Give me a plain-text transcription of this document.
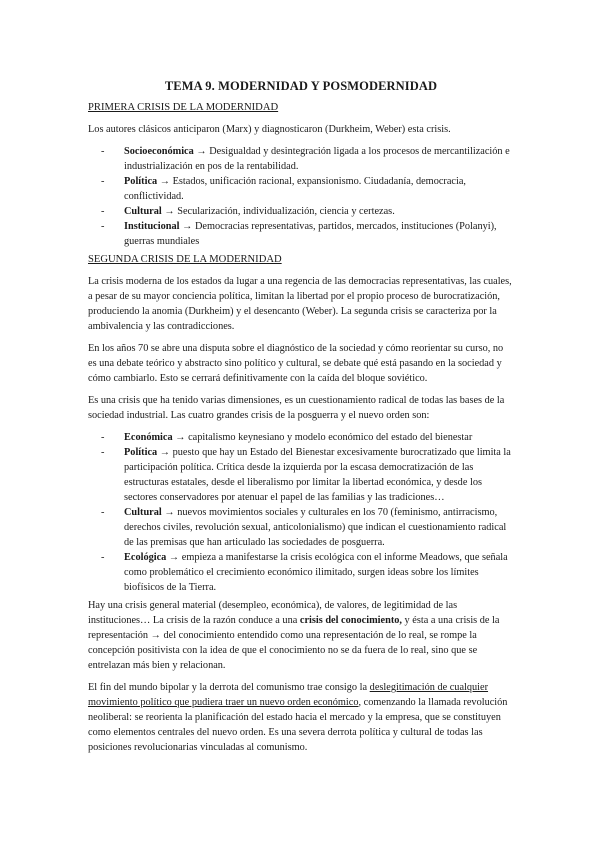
TEMA 9. MODERNIDAD Y POSMODERNIDAD
PRIMERA CRISIS DE LA MODERNIDAD

Los autores clásicos anticiparon (Marx) y diagnosticaron (Durkheim, Weber) esta crisis.

- Socioeconómica → Desigualdad y desintegración ligada a los procesos de mercantilización e industrialización en pos de la rentabilidad.
- Política → Estados, unificación racional, expansionismo. Ciudadanía, democracia, conflictividad.
- Cultural → Secularización, individualización, ciencia y certezas.
- Institucional → Democracias representativas, partidos, mercados, instituciones (Polanyi), guerras mundiales
SEGUNDA CRISIS DE LA MODERNIDAD

La crisis moderna de los estados da lugar a una regencia de las democracias representativas, las cuales, a pesar de su mayor conciencia política, limitan la libertad por el propio proceso de burocratización, produciendo la anomia (Durkheim) y el desencanto (Weber). La segunda crisis se caracteriza por la ambivalencia y las contradicciones.

En los años 70 se abre una disputa sobre el diagnóstico de la sociedad y cómo reorientar su curso, no es una debate teórico y abstracto sino político y cultural, se debate qué está pasando en la sociedad y cómo cambiarlo. Esto se cerrará definitivamente con la caída del bloque soviético.

Es una crisis que ha tenido varias dimensiones, es un cuestionamiento radical de todas las bases de la sociedad industrial. Las cuatro grandes crisis de la posguerra y el nuevo orden son:

- Económica → capitalismo keynesiano y modelo económico del estado del bienestar
- Política → puesto que hay un Estado del Bienestar excesivamente burocratizado que limita la participación política. Crítica desde la izquierda por la escasa democratización de las estructuras estatales, desde el liberalismo por limitar la libertad económica, y desde los sectores conservadores por atenuar el papel de las familias y las tradiciones…
- Cultural → nuevos movimientos sociales y culturales en los 70 (feminismo, antirracismo, derechos civiles, revolución sexual, anticolonialismo) que indican el cuestionamiento radical de las premisas que han articulado las sociedades de posguerra.
- Ecológica → empieza a manifestarse la crisis ecológica con el informe Meadows, que señala como problemático el crecimiento económico ilimitado, surgen ideas sobre los límites biofísicos de la Tierra.

Hay una crisis general material (desempleo, económica), de valores, de legitimidad de las instituciones… La crisis de la razón conduce a una crisis del conocimiento, y ésta a una crisis de la representación → del conocimiento entendido como una representación de lo real, se rompe la concepción positivista con la idea de que el conocimiento no se da fuera de lo real, sino que se entrelazan más bien y relacionan.

El fin del mundo bipolar y la derrota del comunismo trae consigo la deslegitimación de cualquier movimiento político que pudiera traer un nuevo orden económico, comenzando la llamada revolución neoliberal: se reorienta la planificación del estado hacia el mercado y la empresa, que se constituyen como elementos centrales del nuevo orden. Es una severa derrota política y cultural de todas las posiciones revolucionarias vinculadas al comunismo.
